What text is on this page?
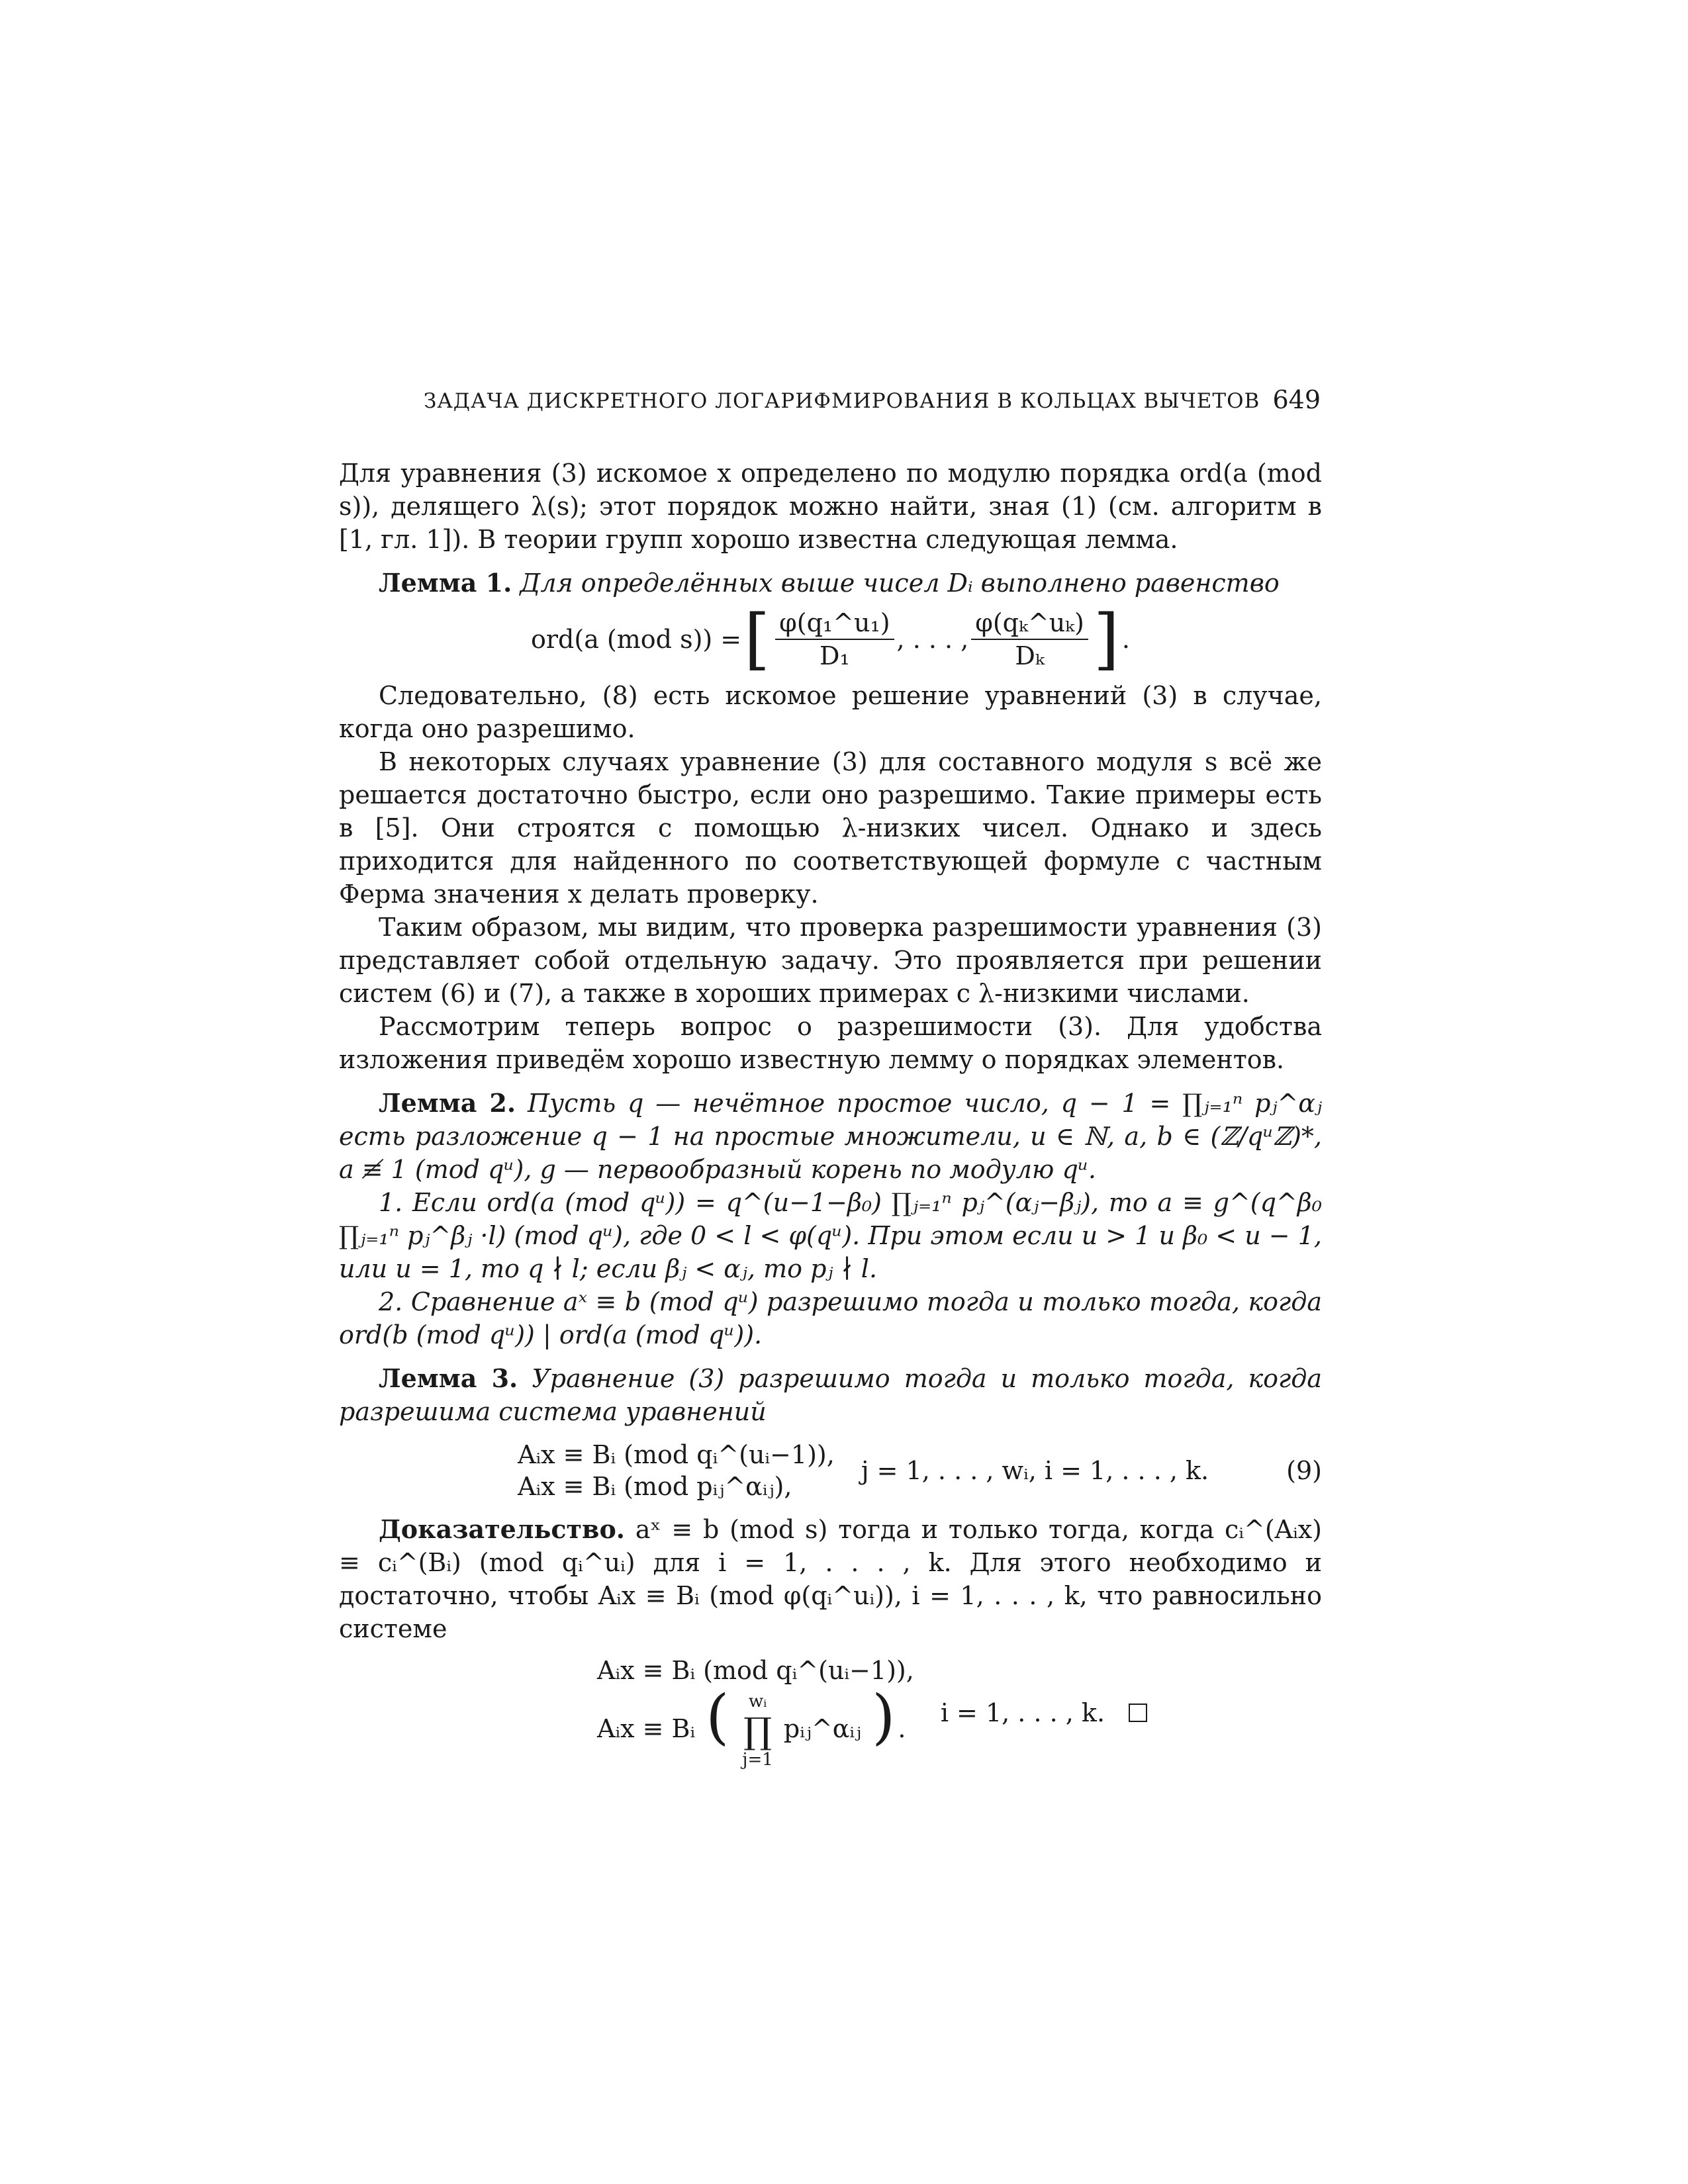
ЗАДАЧА ДИСКРЕТНОГО ЛОГАРИФМИРОВАНИЯ В КОЛЬЦАХ ВЫЧЕТОВ 649

Для уравнения (3) искомое x определено по модулю порядка ord(a (mod s)), делящего λ(s); этот порядок можно найти, зная (1) (см. алгоритм в [1, гл. 1]). В теории групп хорошо известна следующая лемма.

Лемма 1. Для определённых выше чисел Dᵢ выполнено равенство

ord(a (mod s)) = [ $\frac{\text{φ(q₁\textasciicircum{}u₁)}}{\text{D₁}}$ , . . . , $\frac{\text{φ(qₖ\textasciicircum{}uₖ)}}{\text{Dₖ}}$ ] .

Следовательно, (8) есть искомое решение уравнений (3) в случае, когда оно разрешимо.

В некоторых случаях уравнение (3) для составного модуля s всё же решается достаточно быстро, если оно разрешимо. Такие примеры есть в [5]. Они строятся с помощью λ-низких чисел. Однако и здесь приходится для найденного по соответствующей формуле с частным Ферма значения x делать проверку.

Таким образом, мы видим, что проверка разрешимости уравнения (3) представляет собой отдельную задачу. Это проявляется при решении систем (6) и (7), а также в хороших примерах с λ-низкими числами.

Рассмотрим теперь вопрос о разрешимости (3). Для удобства изложения приведём хорошо известную лемму о порядках элементов.

Лемма 2. Пусть q — нечётное простое число, q − 1 = ∏ⱼ₌₁ⁿ pⱼ^αⱼ есть разложение q − 1 на простые множители, u ∈ ℕ, a, b ∈ (ℤ/qᵘℤ)*, a ≢ 1 (mod qᵘ), g — первообразный корень по модулю qᵘ.

1. Если ord(a (mod qᵘ)) = q^(u−1−β₀) ∏ⱼ₌₁ⁿ pⱼ^(αⱼ−βⱼ), то a ≡ g^(q^β₀ ∏ⱼ₌₁ⁿ pⱼ^βⱼ ·l) (mod qᵘ), где 0 < l < φ(qᵘ). При этом если u > 1 и β₀ < u − 1, или u = 1, то q ∤ l; если βⱼ < αⱼ, то pⱼ ∤ l.

2. Сравнение aˣ ≡ b (mod qᵘ) разрешимо тогда и только тогда, когда ord(b (mod qᵘ)) | ord(a (mod qᵘ)).

Лемма 3. Уравнение (3) разрешимо тогда и только тогда, когда разрешима система уравнений

Aᵢx ≡ Bᵢ (mod qᵢ^(uᵢ−1)),
Aᵢx ≡ Bᵢ (mod pᵢⱼ^αᵢⱼ),
j = 1, . . . , wᵢ, i = 1, . . . , k.	(9)

Доказательство. aˣ ≡ b (mod s) тогда и только тогда, когда cᵢ^(Aᵢx) ≡ cᵢ^(Bᵢ) (mod qᵢ^uᵢ) для i = 1, . . . , k. Для этого необходимо и достаточно, чтобы Aᵢx ≡ Bᵢ (mod φ(qᵢ^uᵢ)), i = 1, . . . , k, что равносильно системе

Aᵢx ≡ Bᵢ (mod qᵢ^(uᵢ−1)),
Aᵢx ≡ Bᵢ ( wᵢ
∏
j=1
pᵢⱼ^αᵢⱼ ) .
i = 1, . . . , k.
